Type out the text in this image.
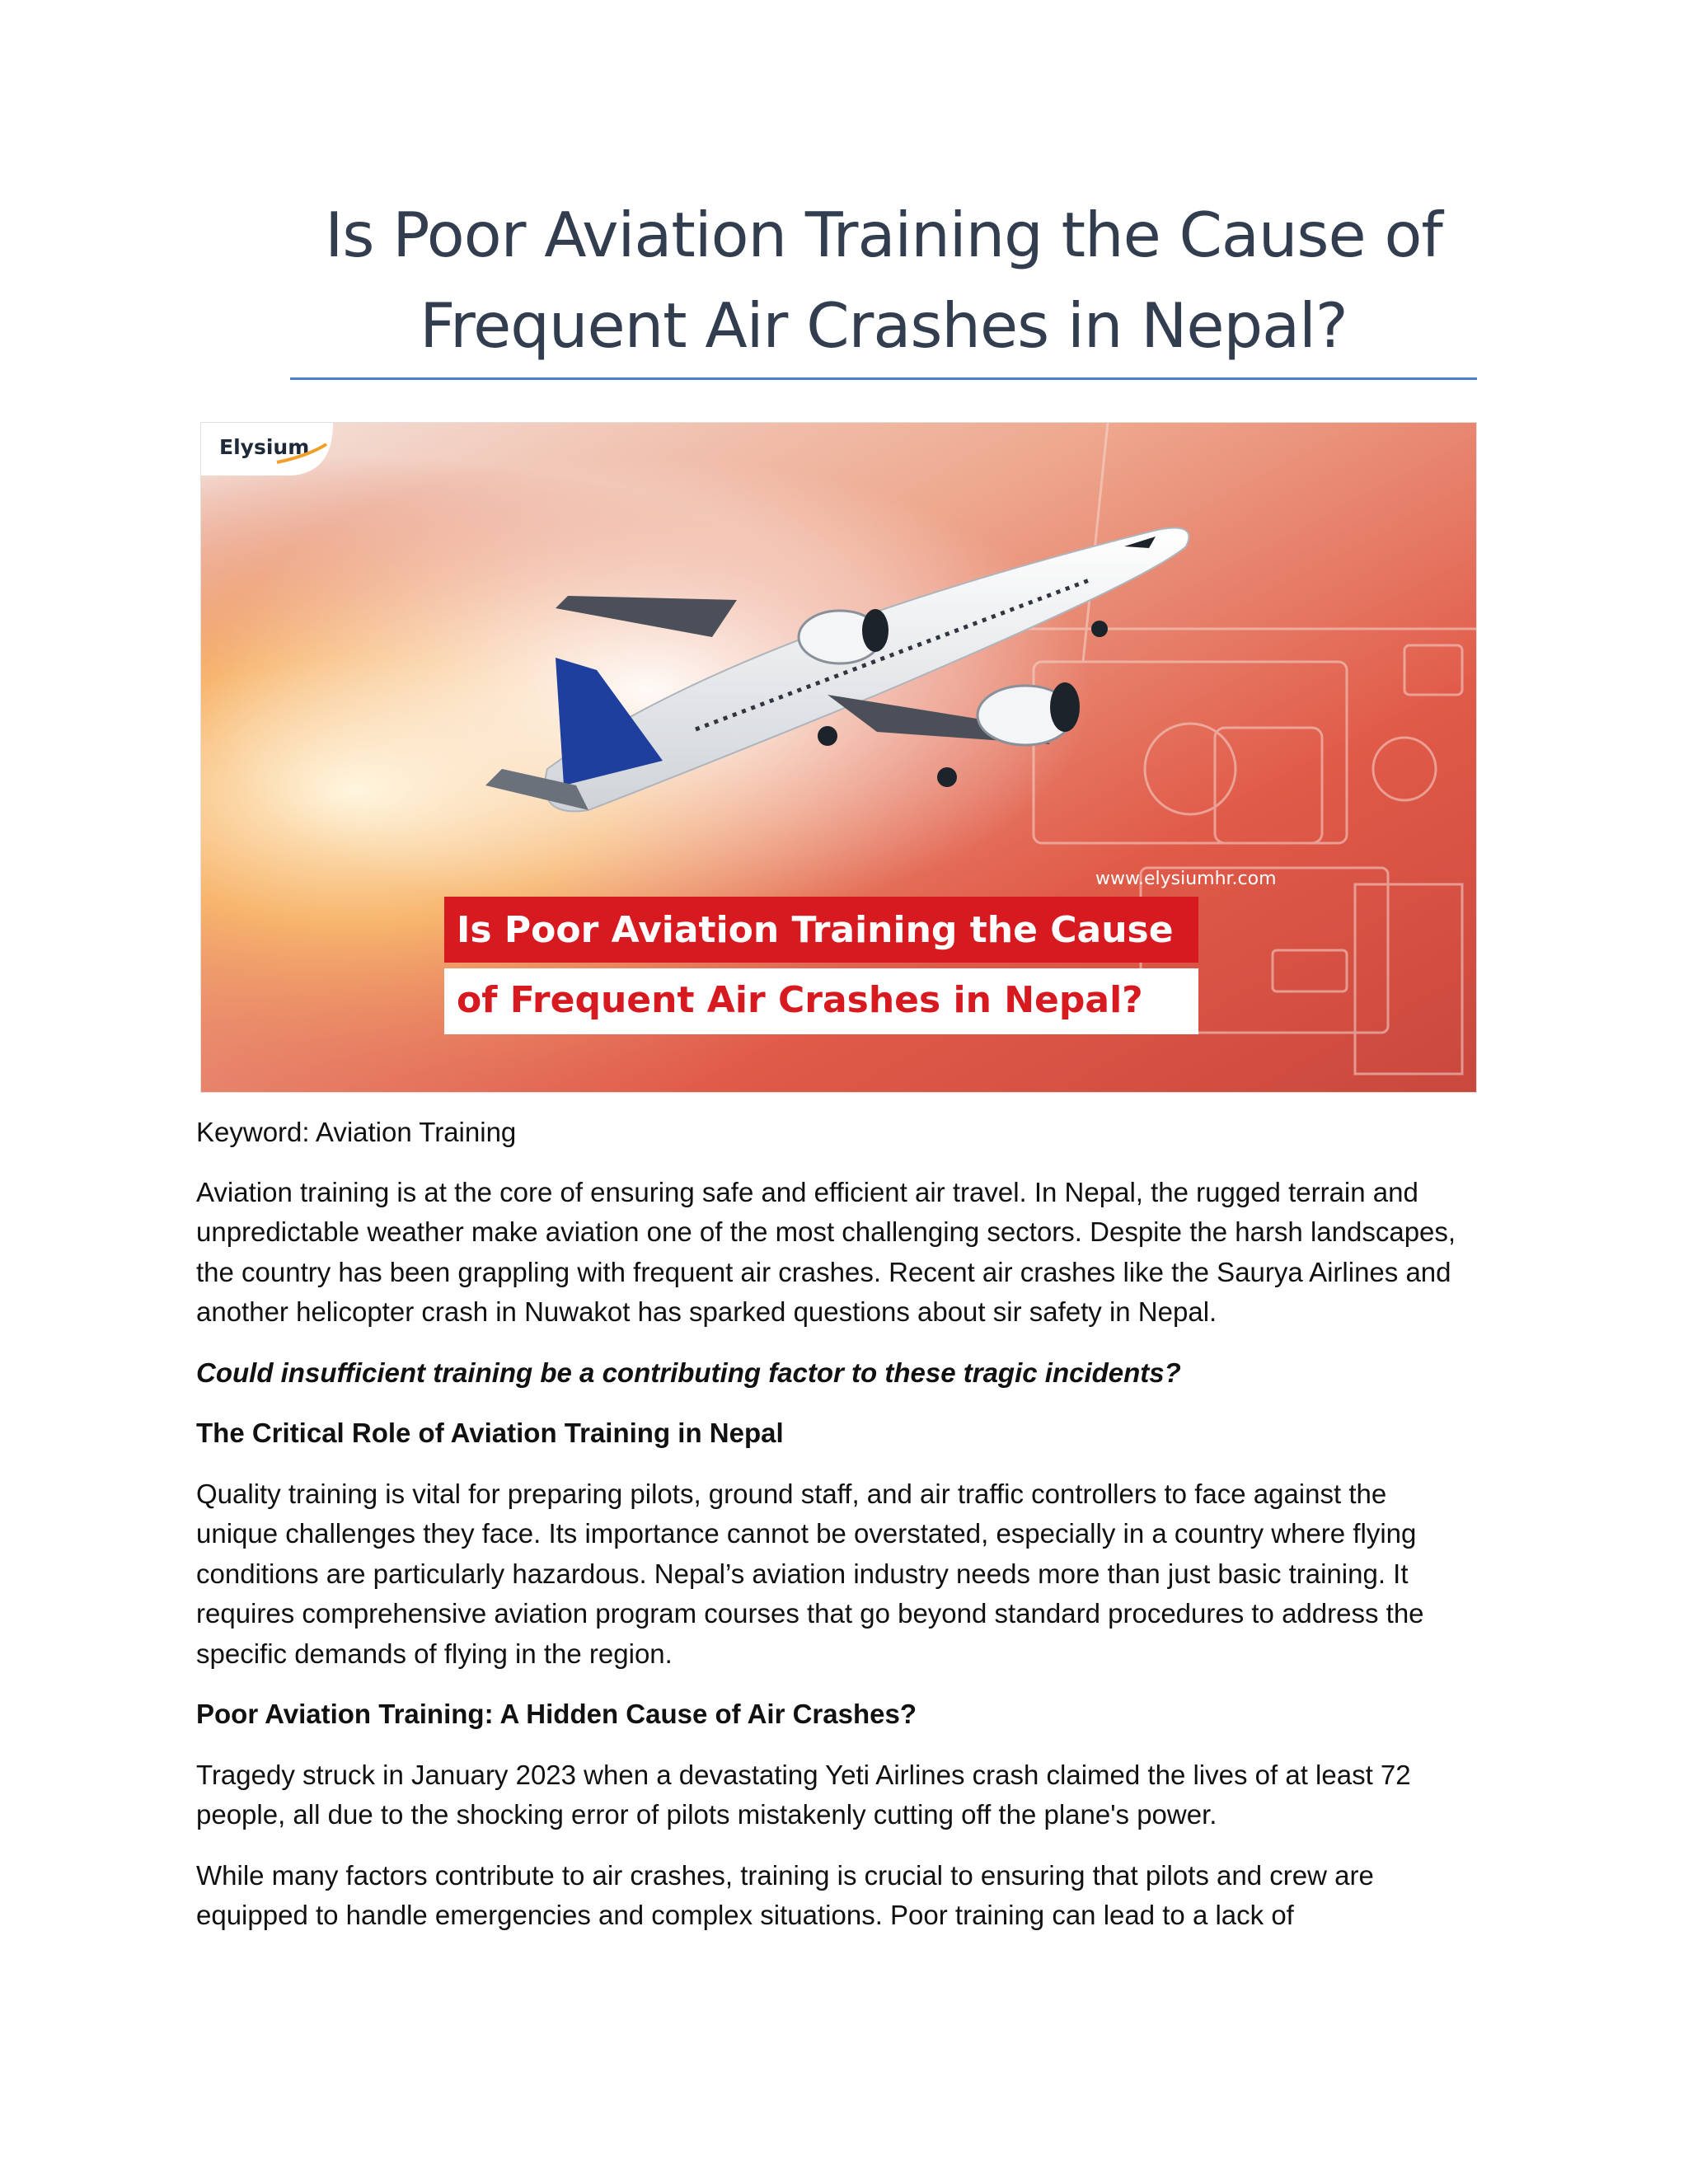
Is Poor Aviation Training the Cause of
Frequent Air Crashes in Nepal?
Elysium
www.elysiumhr.com
Is Poor Aviation Training the Cause
of Frequent Air Crashes in Nepal?

Keyword: Aviation Training

Aviation training is at the core of ensuring safe and efficient air travel. In Nepal, the rugged terrain and
unpredictable weather make aviation one of the most challenging sectors. Despite the harsh landscapes,
the country has been grappling with frequent air crashes. Recent air crashes like the Saurya Airlines and
another helicopter crash in Nuwakot has sparked questions about sir safety in Nepal.

Could insufficient training be a contributing factor to these tragic incidents?

The Critical Role of Aviation Training in Nepal

Quality training is vital for preparing pilots, ground staff, and air traffic controllers to face against the
unique challenges they face. Its importance cannot be overstated, especially in a country where flying
conditions are particularly hazardous. Nepal’s aviation industry needs more than just basic training. It
requires comprehensive aviation program courses that go beyond standard procedures to address the
specific demands of flying in the region.

Poor Aviation Training: A Hidden Cause of Air Crashes?

Tragedy struck in January 2023 when a devastating Yeti Airlines crash claimed the lives of at least 72
people, all due to the shocking error of pilots mistakenly cutting off the plane's power.

While many factors contribute to air crashes, training is crucial to ensuring that pilots and crew are
equipped to handle emergencies and complex situations. Poor training can lead to a lack of
